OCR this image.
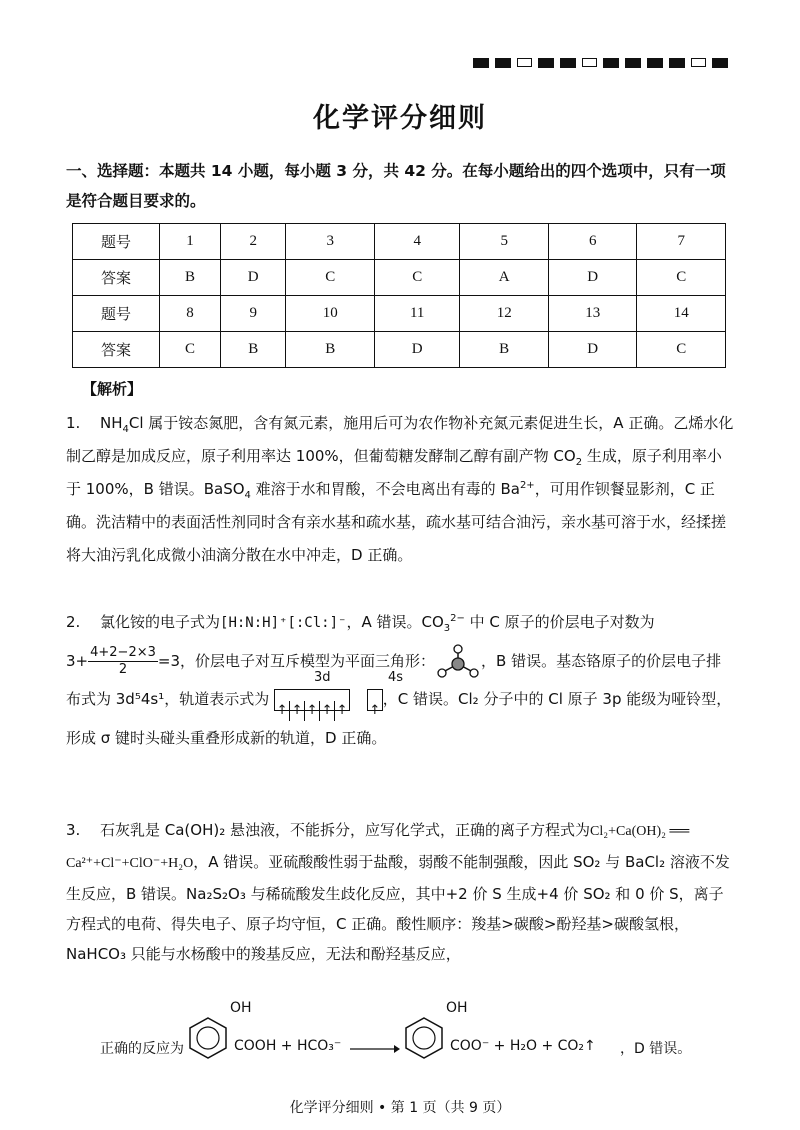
化学评分细则
一、选择题：本题共 14 小题，每小题 3 分，共 42 分。在每小题给出的四个选项中，只有一项是符合题目要求的。
题号	1	2	3	4	5	6	7
答案	B	D	C	C	A	D	C
题号	8	9	10	11	12	13	14
答案	C	B	B	D	B	D	C
【解析】
1. $NH_4Cl$ 属于铵态氮肥，含有氮元素，施用后可为农作物补充氮元素促进生长，A 正确。乙烯水化制乙醇是加成反应，原子利用率达 100%，但葡萄糖发酵制乙醇有副产物 $CO_2$ 生成，原子利用率小于 100%，B 错误。BaSO$_4$ 难溶于水和胃酸，不会电离出有毒的 $Ba^{2+}$，可用作钡餐显影剂，C 正确。洗洁精中的表面活性剂同时含有亲水基和疏水基，疏水基可结合油污，亲水基可溶于水，经揉搓将大油污乳化成微小油滴分散在水中冲走，D 正确。
2. 氯化铵的电子式为[H:N:H]⁺[:Cl:]⁻，A 错误。$CO_3^{2-}$ 中 C 原子的价层电子对数为
$3+ \frac{4+2-2\times 3}{2} =3$，价层电子对互斥模型为平面三角形：	，B 错误。基态铬原子的价层电子排布式为 3d⁵4s¹，轨道表示式为
3d	4s
↑ ↑ ↑ ↑ ↑ ↑，C 错误。Cl₂ 分子中的 Cl 原子 3p 能级为哑铃型，形成 σ 键时头碰头重叠形成新的轨道，D 正确。
3. 石灰乳是 Ca(OH)₂ 悬浊液，不能拆分，应写化学式，正确的离子方程式为Cl₂+Ca(OH)₂ ══ Ca²⁺+Cl⁻+ClO⁻+H₂O，A 错误。亚硫酸酸性弱于盐酸，弱酸不能制强酸，因此 SO₂ 与 BaCl₂ 溶液不发生反应，B 错误。Na₂S₂O₃ 与稀硫酸发生歧化反应，其中+2 价 S 生成+4 价 SO₂ 和 0 价 S，离子方程式的电荷、得失电子、原子均守恒，C 正确。酸性顺序：羧基>碳酸>酚羟基>碳酸氢根，NaHCO₃ 只能与水杨酸中的羧基反应，无法和酚羟基反应，
正确的反应为
OH
COOH + HCO₃⁻ →
OH
COO⁻ + H₂O + CO₂↑ ，D 错误。
化学评分细则 • 第 1 页（共 9 页）
